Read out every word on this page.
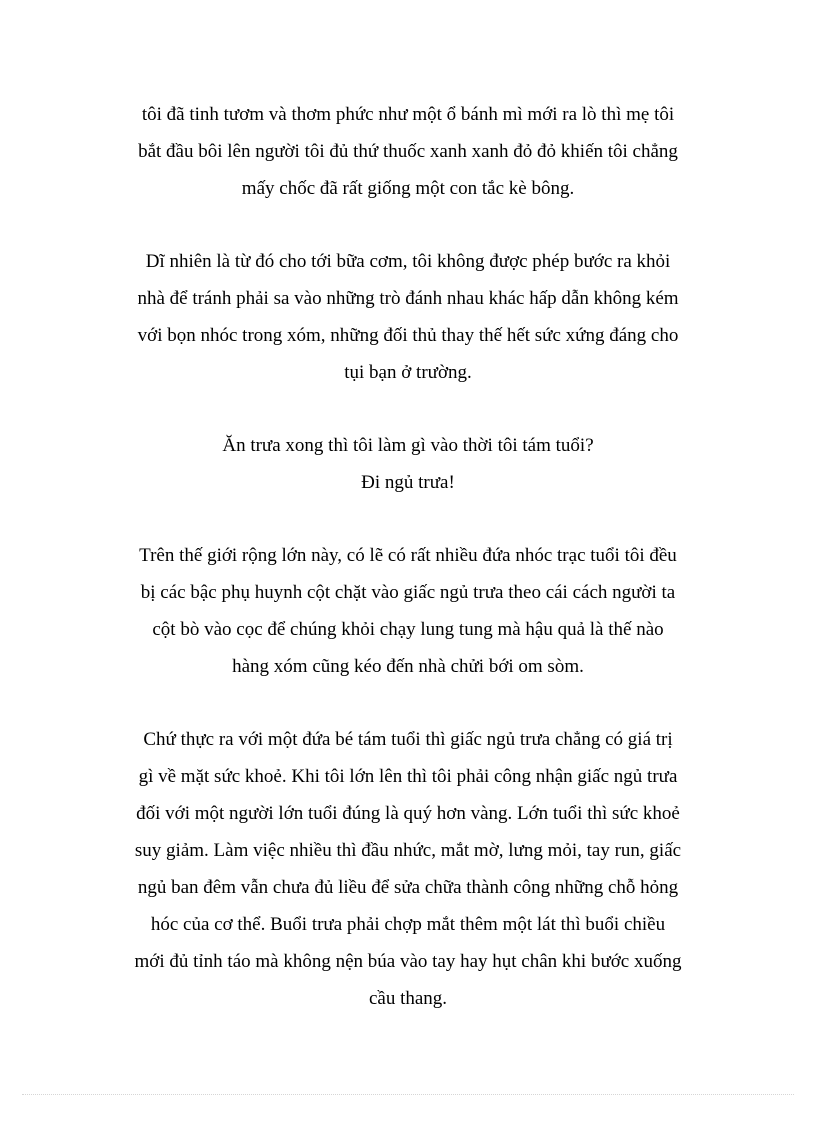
tôi đã tinh tươm và thơm phức như một ổ bánh mì mới ra lò thì mẹ tôi
bắt đầu bôi lên người tôi đủ thứ thuốc xanh xanh đỏ đỏ khiến tôi chẳng
mấy chốc đã rất giống một con tắc kè bông.
Dĩ nhiên là từ đó cho tới bữa cơm, tôi không được phép bước ra khỏi
nhà để tránh phải sa vào những trò đánh nhau khác hấp dẫn không kém
với bọn nhóc trong xóm, những đối thủ thay thế hết sức xứng đáng cho
tụi bạn ở trường.
Ăn trưa xong thì tôi làm gì vào thời tôi tám tuổi?
Đi ngủ trưa!
Trên thế giới rộng lớn này, có lẽ có rất nhiều đứa nhóc trạc tuổi tôi đều
bị các bậc phụ huynh cột chặt vào giấc ngủ trưa theo cái cách người ta
cột bò vào cọc để chúng khỏi chạy lung tung mà hậu quả là thế nào
hàng xóm cũng kéo đến nhà chửi bới om sòm.
Chứ thực ra với một đứa bé tám tuổi thì giấc ngủ trưa chẳng có giá trị
gì về mặt sức khoẻ. Khi tôi lớn lên thì tôi phải công nhận giấc ngủ trưa
đối với một người lớn tuổi đúng là quý hơn vàng. Lớn tuổi thì sức khoẻ
suy giảm. Làm việc nhiều thì đầu nhức, mắt mờ, lưng mỏi, tay run, giấc
ngủ ban đêm vẫn chưa đủ liều để sửa chữa thành công những chỗ hỏng
hóc của cơ thể. Buổi trưa phải chợp mắt thêm một lát thì buổi chiều
mới đủ tỉnh táo mà không nện búa vào tay hay hụt chân khi bước xuống
cầu thang.
